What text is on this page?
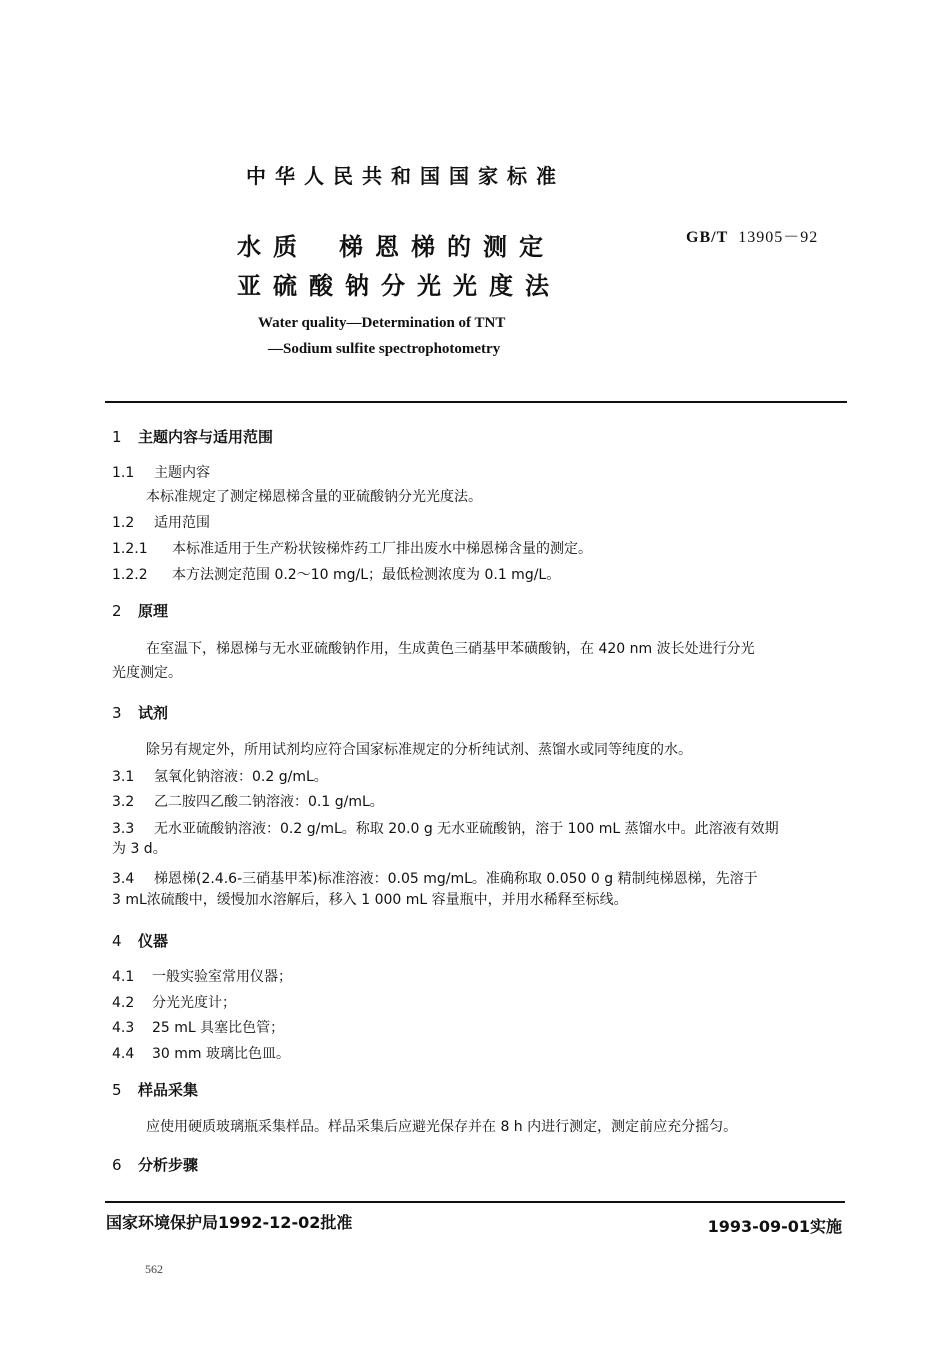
中华人民共和国国家标准
GB/T 13905－92
水质 梯恩梯的测定
亚硫酸钠分光光度法
Water quality—Determination of TNT
—Sodium sulfite spectrophotometry
1 主题内容与适用范围
1.1 主题内容
本标准规定了测定梯恩梯含量的亚硫酸钠分光光度法。
1.2 适用范围
1.2.1 本标准适用于生产粉状铵梯炸药工厂排出废水中梯恩梯含量的测定。
1.2.2 本方法测定范围 0.2～10 mg/L；最低检测浓度为 0.1 mg/L。
2 原理
在室温下，梯恩梯与无水亚硫酸钠作用，生成黄色三硝基甲苯磺酸钠，在 420 nm 波长处进行分光
光度测定。
3 试剂
除另有规定外，所用试剂均应符合国家标准规定的分析纯试剂、蒸馏水或同等纯度的水。
3.1 氢氧化钠溶液：0.2 g/mL。
3.2 乙二胺四乙酸二钠溶液：0.1 g/mL。
3.3 无水亚硫酸钠溶液：0.2 g/mL。称取 20.0 g 无水亚硫酸钠，溶于 100 mL 蒸馏水中。此溶液有效期
为 3 d。
3.4 梯恩梯(2.4.6-三硝基甲苯)标准溶液：0.05 mg/mL。准确称取 0.050 0 g 精制纯梯恩梯，先溶于
3 mL浓硫酸中，缓慢加水溶解后，移入 1 000 mL 容量瓶中，并用水稀释至标线。
4 仪器
4.1 一般实验室常用仪器；
4.2 分光光度计；
4.3 25 mL 具塞比色管；
4.4 30 mm 玻璃比色皿。
5 样品采集
应使用硬质玻璃瓶采集样品。样品采集后应避光保存并在 8 h 内进行测定，测定前应充分摇匀。
6 分析步骤
国家环境保护局1992-12-02批准	1993-09-01实施
562
